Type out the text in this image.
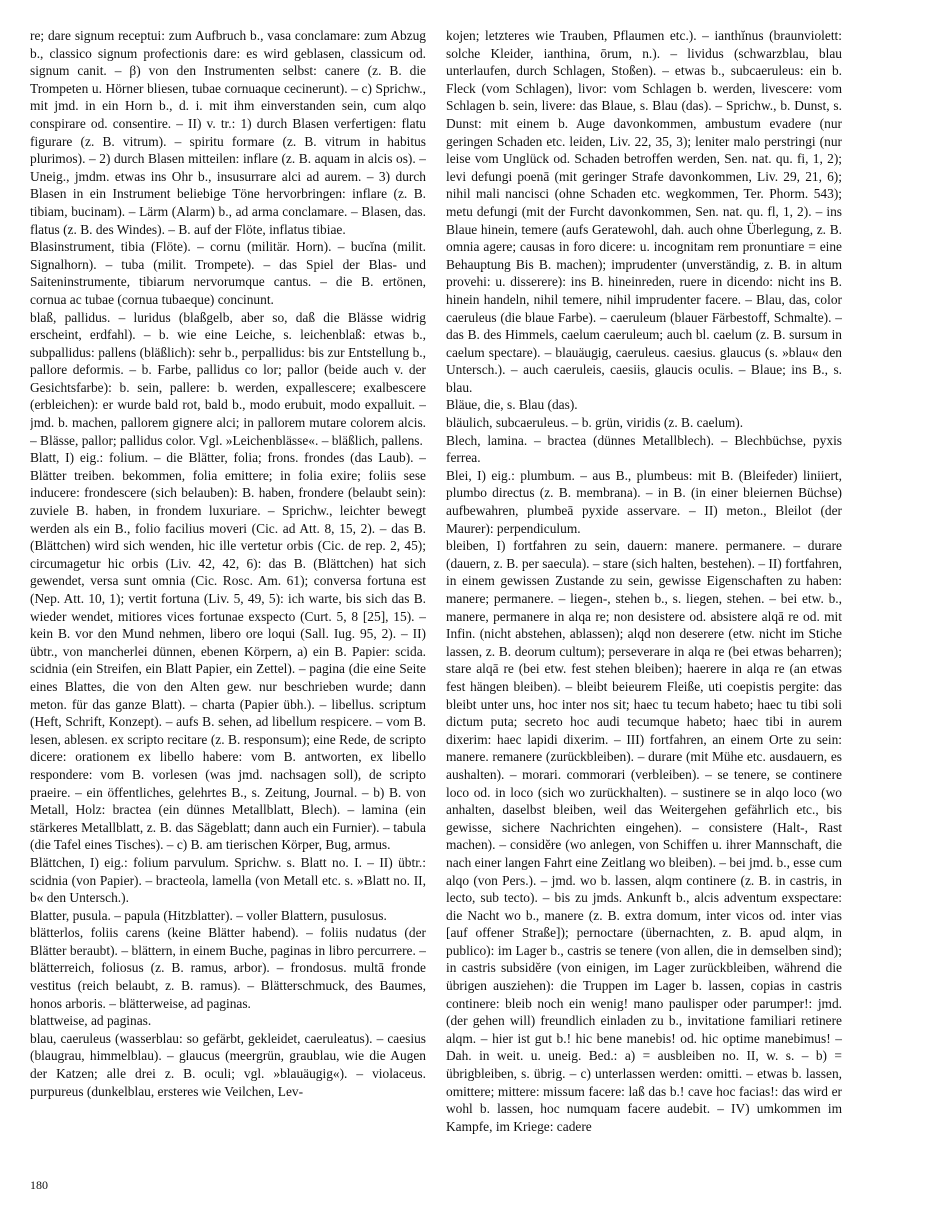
re; dare signum receptui: zum Aufbruch b., vasa conclamare: zum Abzug b., classico signum profectionis dare: es wird geblasen, classicum od. signum canit. – β) von den Instrumenten selbst: canere (z. B. die Trompeten u. Hörner bliesen, tubae cornuaque cecinerunt). – c) Sprichw., mit jmd. in ein Horn b., d. i. mit ihm einverstanden sein, cum alqo conspirare od. consentire. – II) v. tr.: 1) durch Blasen verfertigen: flatu figurare (z. B. vitrum). – spiritu formare (z. B. vitrum in habitus plurimos). – 2) durch Blasen mitteilen: inflare (z. B. aquam in alcis os). – Uneig., jmdm. etwas ins Ohr b., insusurrare alci ad aurem. – 3) durch Blasen in ein Instrument beliebige Töne hervorbringen: inflare (z. B. tibiam, bucinam). – Lärm (Alarm) b., ad arma conclamare. – Blasen, das. flatus (z. B. des Windes). – B. auf der Flöte, inflatus tibiae.

Blasinstrument, tibia (Flöte). – cornu (militär. Horn). – bucĭna (milit. Signalhorn). – tuba (milit. Trompete). – das Spiel der Blas- und Saiteninstrumente, tibiarum nervorumque cantus. – die B. ertönen, cornua ac tubae (cornua tubaeque) concinunt.

blaß, pallidus. – luridus (blaßgelb, aber so, daß die Blässe widrig erscheint, erdfahl). – b. wie eine Leiche, s. leichenblaß: etwas b., subpallidus: pallens (bläßlich): sehr b., perpallidus: bis zur Entstellung b., pallore deformis. – b. Farbe, pallidus co lor; pallor (beide auch v. der Gesichtsfarbe): b. sein, pallere: b. werden, expallescere; exalbescere (erbleichen): er wurde bald rot, bald b., modo erubuit, modo expalluit. – jmd. b. machen, pallorem gignere alci; in pallorem mutare colorem alcis. – Blässe, pallor; pallidus color. Vgl. »Leichenblässe«. – bläßlich, pallens.

Blatt, I) eig.: folium. – die Blätter, folia; frons. frondes (das Laub). – Blätter treiben. bekommen, folia emittere; in folia exire; foliis sese inducere: frondescere (sich belauben): B. haben, frondere (belaubt sein): zuviele B. haben, in frondem luxuriare. – Sprichw., leichter bewegt werden als ein B., folio facilius moveri (Cic. ad Att. 8, 15, 2). – das B. (Blättchen) wird sich wenden, hic ille vertetur orbis (Cic. de rep. 2, 45); circumagetur hic orbis (Liv. 42, 42, 6): das B. (Blättchen) hat sich gewendet, versa sunt omnia (Cic. Rosc. Am. 61); conversa fortuna est (Nep. Att. 10, 1); vertit fortuna (Liv. 5, 49, 5): ich warte, bis sich das B. wieder wendet, mitiores vices fortunae exspecto (Curt. 5, 8 [25], 15). – kein B. vor den Mund nehmen, libero ore loqui (Sall. Iug. 95, 2). – II) übtr., von mancherlei dünnen, ebenen Körpern, a) ein B. Papier: scida. scidnia (ein Streifen, ein Blatt Papier, ein Zettel). – pagina (die eine Seite eines Blattes, die von den Alten gew. nur beschrieben wurde; dann meton. für das ganze Blatt). – charta (Papier übh.). – libellus. scriptum (Heft, Schrift, Konzept). – aufs B. sehen, ad libellum respicere. – vom B. lesen, ablesen. ex scripto recitare (z. B. responsum); eine Rede, de scripto dicere: orationem ex libello habere: vom B. antworten, ex libello respondere: vom B. vorlesen (was jmd. nachsagen soll), de scripto praeire. – ein öffentliches, gelehrtes B., s. Zeitung, Journal. – b) B. von Metall, Holz: bractea (ein dünnes Metallblatt, Blech). – lamina (ein stärkeres Metallblatt, z. B. das Sägeblatt; dann auch ein Furnier). – tabula (die Tafel eines Tisches). – c) B. am tierischen Körper, Bug, armus.

Blättchen, I) eig.: folium parvulum. Sprichw. s. Blatt no. I. – II) übtr.: scidnia (von Papier). – bracteola, lamella (von Metall etc. s. »Blatt no. II, b« den Untersch.).

Blatter, pusula. – papula (Hitzblatter). – voller Blattern, pusulosus.

blätterlos, foliis carens (keine Blätter habend). – foliis nudatus (der Blätter beraubt). – blättern, in einem Buche, paginas in libro percurrere. – blätterreich, foliosus (z. B. ramus, arbor). – frondosus. multā fronde vestitus (reich belaubt, z. B. ramus). – Blätterschmuck, des Baumes, honos arboris. – blätterweise, ad paginas.

blattweise, ad paginas.

blau, caeruleus (wasserblau: so gefärbt, gekleidet, caeruleatus). – caesius (blaugrau, himmelblau). – glaucus (meergrün, graublau, wie die Augen der Katzen; alle drei z. B. oculi; vgl. »blauäugig«). – violaceus. purpureus (dunkelblau, ersteres wie Veilchen, Lev-

kojen; letzteres wie Trauben, Pflaumen etc.). – ianthĭnus (braunviolett: solche Kleider, ianthina, ōrum, n.). – lividus (schwarzblau, blau unterlaufen, durch Schlagen, Stoßen). – etwas b., subcaeruleus: ein b. Fleck (vom Schlagen), livor: vom Schlagen b. werden, livescere: vom Schlagen b. sein, livere: das Blaue, s. Blau (das). – Sprichw., b. Dunst, s. Dunst: mit einem b. Auge davonkommen, ambustum evadere (nur geringen Schaden etc. leiden, Liv. 22, 35, 3); leniter malo perstringi (nur leise vom Unglück od. Schaden betroffen werden, Sen. nat. qu. fi, 1, 2); levi defungi poenā (mit geringer Strafe davonkommen, Liv. 29, 21, 6); nihil mali nancisci (ohne Schaden etc. wegkommen, Ter. Phorm. 543); metu defungi (mit der Furcht davonkommen, Sen. nat. qu. fl, 1, 2). – ins Blaue hinein, temere (aufs Geratewohl, dah. auch ohne Überlegung, z. B. omnia agere; causas in foro dicere: u. incognitam rem pronuntiare = eine Behauptung Bis B. machen); imprudenter (unverständig, z. B. in altum provehi: u. disserere): ins B. hineinreden, ruere in dicendo: nicht ins B. hinein handeln, nihil temere, nihil imprudenter facere. – Blau, das, color caeruleus (die blaue Farbe). – caeruleum (blauer Färbestoff, Schmalte). – das B. des Himmels, caelum caeruleum; auch bl. caelum (z. B. sursum in caelum spectare). – blauäugig, caeruleus. caesius. glaucus (s. »blau« den Untersch.). – auch caeruleis, caesiis, glaucis oculis. – Blaue; ins B., s. blau.

Bläue, die, s. Blau (das).

bläulich, subcaeruleus. – b. grün, viridis (z. B. caelum).

Blech, lamina. – bractea (dünnes Metallblech). – Blechbüchse, pyxis ferrea.

Blei, I) eig.: plumbum. – aus B., plumbeus: mit B. (Bleifeder) liniiert, plumbo directus (z. B. membrana). – in B. (in einer bleiernen Büchse) aufbewahren, plumbeā pyxide asservare. – II) meton., Bleilot (der Maurer): perpendiculum.

bleiben, I) fortfahren zu sein, dauern: manere. permanere. – durare (dauern, z. B. per saecula). – stare (sich halten, bestehen). – II) fortfahren, in einem gewissen Zustande zu sein, gewisse Eigenschaften zu haben: manere; permanere. – liegen-, stehen b., s. liegen, stehen. – bei etw. b., manere, permanere in alqa re; non desistere od. absistere alqā re od. mit Infin. (nicht abstehen, ablassen); alqd non deserere (etw. nicht im Stiche lassen, z. B. deorum cultum); perseverare in alqa re (bei etwas beharren); stare alqā re (bei etw. fest stehen bleiben); haerere in alqa re (an etwas fest hängen bleiben). – bleibt beieurem Fleiße, uti coepistis pergite: das bleibt unter uns, hoc inter nos sit; haec tu tecum habeto; haec tu tibi soli dictum puta; secreto hoc audi tecumque habeto; haec tibi in aurem dixerim: haec lapidi dixerim. – III) fortfahren, an einem Orte zu sein: manere. remanere (zurückbleiben). – durare (mit Mühe etc. ausdauern, es aushalten). – morari. commorari (verbleiben). – se tenere, se continere loco od. in loco (sich wo zurückhalten). – sustinere se in alqo loco (wo anhalten, daselbst bleiben, weil das Weitergehen gefährlich etc., bis gewisse, sichere Nachrichten eingehen). – consistere (Halt-, Rast machen). – considĕre (wo anlegen, von Schiffen u. ihrer Mannschaft, die nach einer langen Fahrt eine Zeitlang wo bleiben). – bei jmd. b., esse cum alqo (von Pers.). – jmd. wo b. lassen, alqm continere (z. B. in castris, in lecto, sub tecto). – bis zu jmds. Ankunft b., alcis adventum exspectare: die Nacht wo b., manere (z. B. extra domum, inter vicos od. inter vias [auf offener Straße]); pernoctare (übernachten, z. B. apud alqm, in publico): im Lager b., castris se tenere (von allen, die in demselben sind); in castris subsidĕre (von einigen, im Lager zurückbleiben, während die übrigen ausziehen): die Truppen im Lager b. lassen, copias in castris continere: bleib noch ein wenig! mano paulisper oder parumper!: jmd. (der gehen will) freundlich einladen zu b., invitatione familiari retinere alqm. – hier ist gut b.! hic bene manebis! od. hic optime manebimus! – Dah. in weit. u. uneig. Bed.: a) = ausbleiben no. II, w. s. – b) = übrigbleiben, s. übrig. – c) unterlassen werden: omitti. – etwas b. lassen, omittere; mittere: missum facere: laß das b.! cave hoc facias!: das wird er wohl b. lassen, hoc numquam facere audebit. – IV) umkommen im Kampfe, im Kriege: cadere

180
